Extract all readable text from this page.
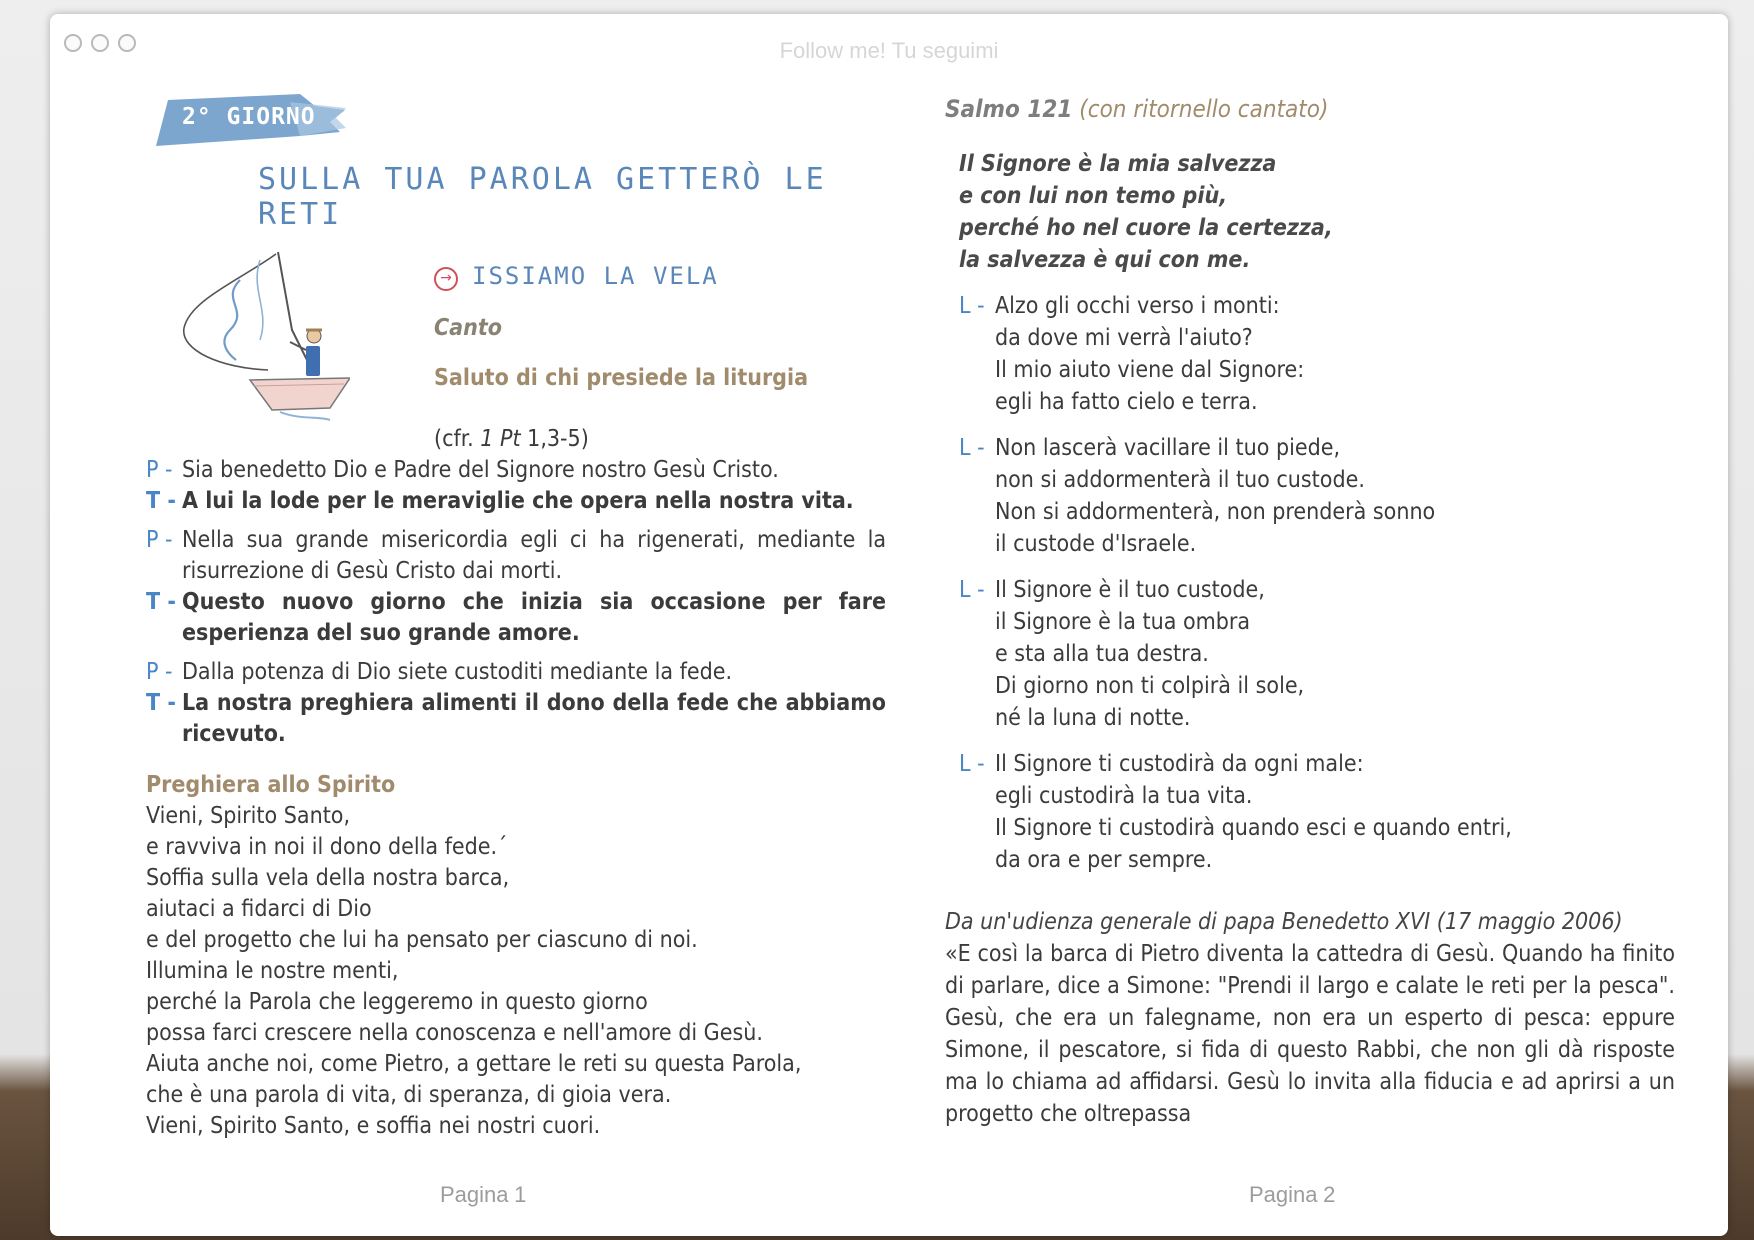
Follow me! Tu seguimi
2° GIORNO
SULLA TUA PAROLA GETTERÒ LE RETI
→ ISSIAMO LA VELA
Canto
Saluto di chi presiede la liturgia
(cfr. 1 Pt 1,3-5)
P - Sia benedetto Dio e Padre del Signore nostro Gesù Cristo.
T - A lui la lode per le meraviglie che opera nella nostra vita.
P - Nella sua grande misericordia egli ci ha rigenerati, mediante la risurrezione di Gesù Cristo dai morti.
T - Questo nuovo giorno che inizia sia occasione per fare esperienza del suo grande amore.
P - Dalla potenza di Dio siete custoditi mediante la fede.
T - La nostra preghiera alimenti il dono della fede che abbiamo ricevuto.
Preghiera allo Spirito
Vieni, Spirito Santo,
e ravviva in noi il dono della fede.´
Soffia sulla vela della nostra barca,
aiutaci a fidarci di Dio
e del progetto che lui ha pensato per ciascuno di noi.
Illumina le nostre menti,
perché la Parola che leggeremo in questo giorno
possa farci crescere nella conoscenza e nell'amore di Gesù.
Aiuta anche noi, come Pietro, a gettare le reti su questa Parola,
che è una parola di vita, di speranza, di gioia vera.
Vieni, Spirito Santo, e soffia nei nostri cuori.
Salmo 121 (con ritornello cantato)
Il Signore è la mia salvezza
e con lui non temo più,
perché ho nel cuore la certezza,
la salvezza è qui con me.
L - Alzo gli occhi verso i monti:
da dove mi verrà l'aiuto?
Il mio aiuto viene dal Signore:
egli ha fatto cielo e terra.
L - Non lascerà vacillare il tuo piede,
non si addormenterà il tuo custode.
Non si addormenterà, non prenderà sonno
il custode d'Israele.
L - Il Signore è il tuo custode,
il Signore è la tua ombra
e sta alla tua destra.
Di giorno non ti colpirà il sole,
né la luna di notte.
L - Il Signore ti custodirà da ogni male:
egli custodirà la tua vita.
Il Signore ti custodirà quando esci e quando entri,
da ora e per sempre.
Da un'udienza generale di papa Benedetto XVI (17 maggio 2006)
«E così la barca di Pietro diventa la cattedra di Gesù. Quando ha finito di parlare, dice a Simone: "Prendi il largo e calate le reti per la pesca". Gesù, che era un falegname, non era un esperto di pesca: eppure Simone, il pescatore, si fida di questo Rabbi, che non gli dà risposte ma lo chiama ad affidarsi. Gesù lo invita alla fiducia e ad aprirsi a un progetto che oltrepassa
Pagina 1	Pagina 2
